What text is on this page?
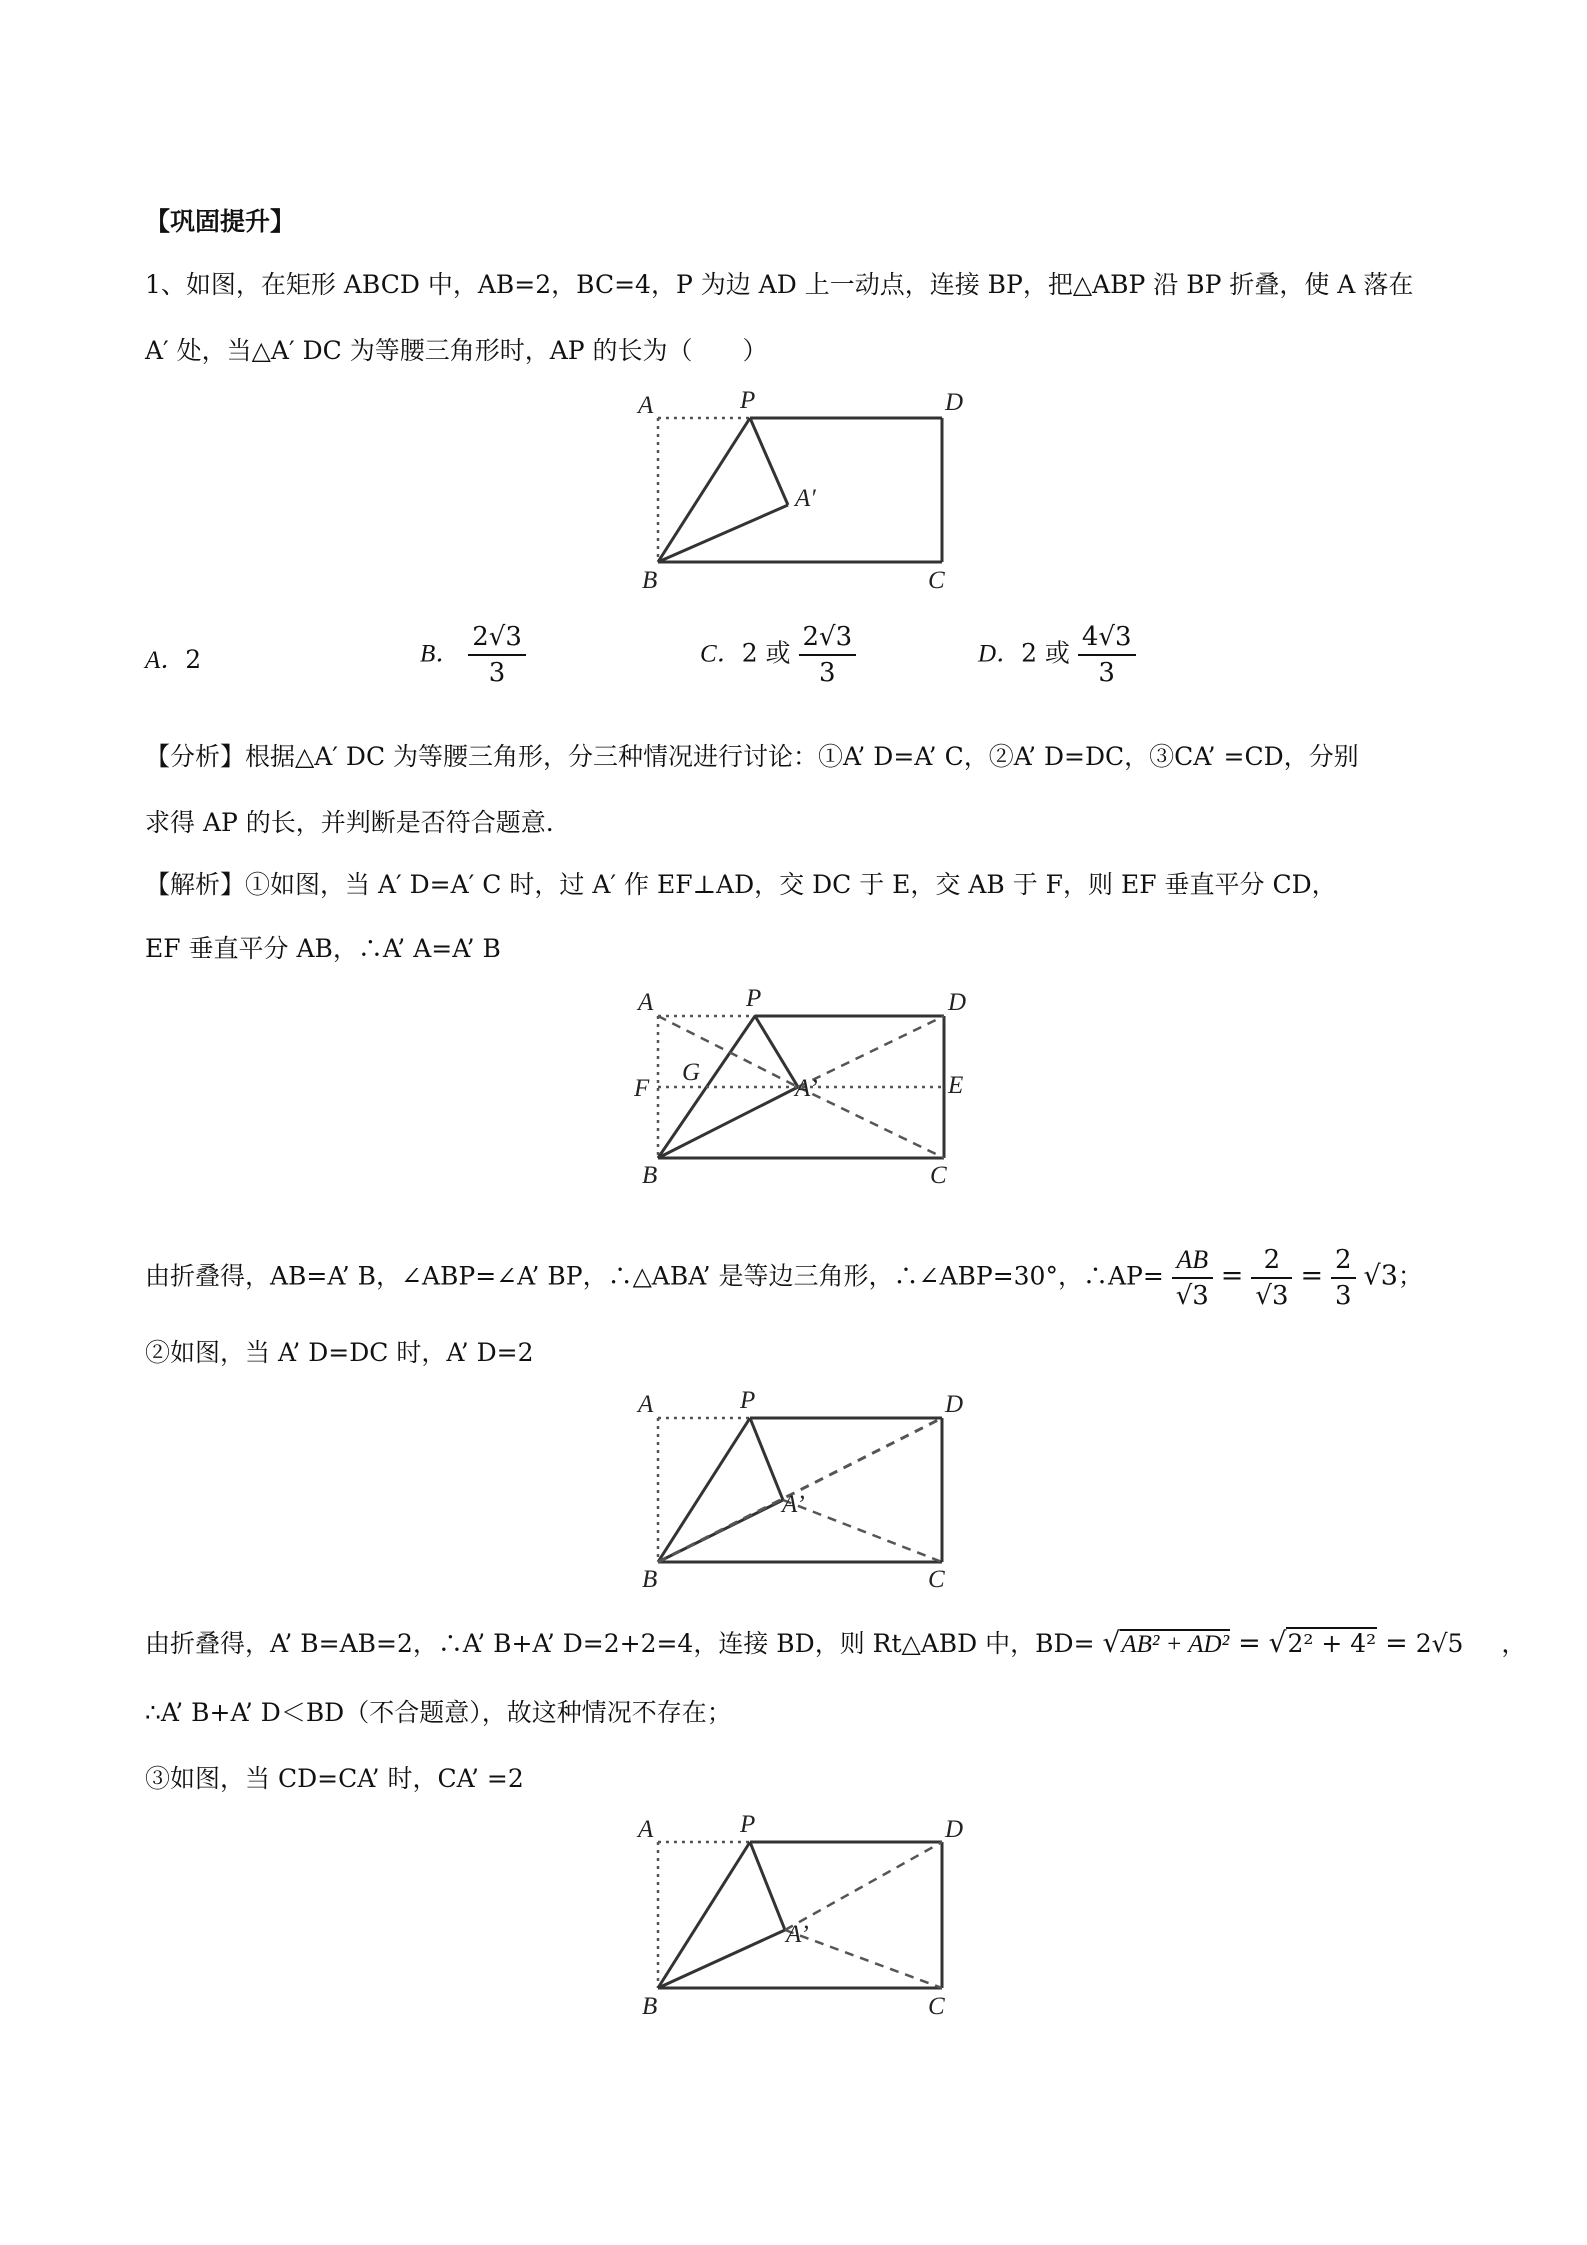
【巩固提升】
1、如图，在矩形 ABCD 中，AB=2，BC=4，P 为边 AD 上一动点，连接 BP，把△ABP 沿 BP 折叠，使 A 落在
A′ 处，当△A′ DC 为等腰三角形时，AP 的长为（　　）
A	P	D
A′
B	C
A．2	B． $\frac{2√3}{3}$	C．2 或 $\frac{2√3}{3}$	D．2 或 $\frac{4√3}{3}$
【分析】根据△A′ DC 为等腰三角形，分三种情况进行讨论：①A’ D=A’ C，②A’ D=DC，③CA’ =CD，分别
求得 AP 的长，并判断是否符合题意.
【解析】①如图，当 A′ D=A′ C 时，过 A′ 作 EF⊥AD，交 DC 于 E，交 AB 于 F，则 EF 垂直平分 CD，
EF 垂直平分 AB，∴A’ A=A’ B
A	P	D
G
F	A’	E
B	C
由折叠得，AB=A’ B，∠ABP=∠A’ BP，∴△ABA’ 是等边三角形，∴∠ABP=30°，∴AP= $\frac{AB}{√3} = \frac{2}{√3} = \frac{2}{3} √3$；
②如图，当 A’ D=DC 时，A’ D=2
A	P	D
A’
B	C
由折叠得，A’ B=AB=2，∴A’ B+A’ D=2+2=4，连接 BD，则 Rt△ABD 中，BD= √AB² + AD² = √2² + 4² = 2√5 ，
∴A’ B+A’ D＜BD（不合题意），故这种情况不存在；
③如图，当 CD=CA’ 时，CA’ =2
A	P	D
A’
B	C
